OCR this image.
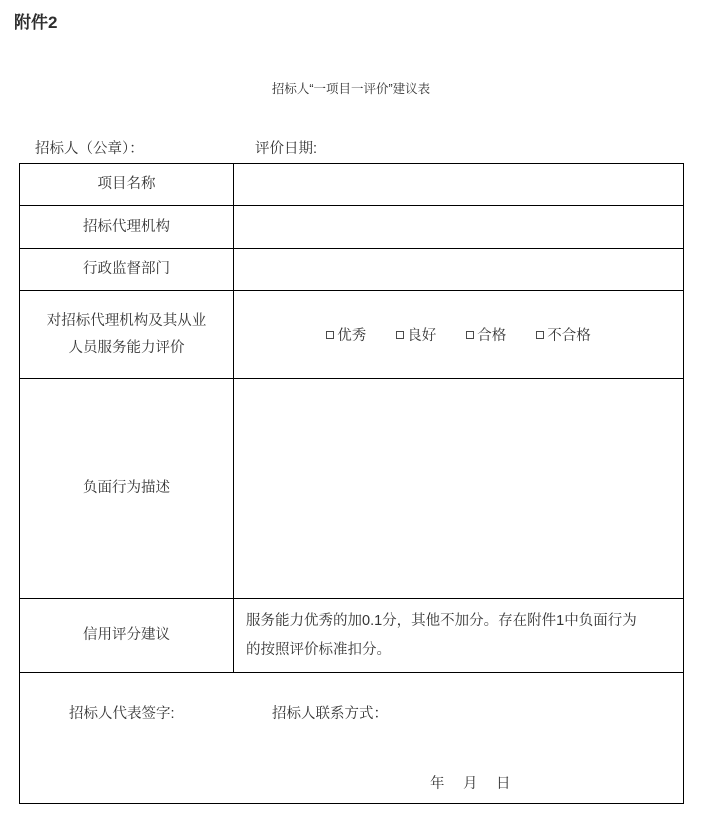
附件2
招标人“一项目一评价”建议表
招标人（公章）：	评价日期:
项目名称	
招标代理机构	
行政监督部门	
对招标代理机构及其从业人员服务能力评价	优秀 良好 合格 不合格
负面行为描述	
信用评分建议	服务能力优秀的加0.1分，其他不加分。存在附件1中负面行为的按照评价标准扣分。

招标人代表签字: 招标人联系方式：
年　月　日	
